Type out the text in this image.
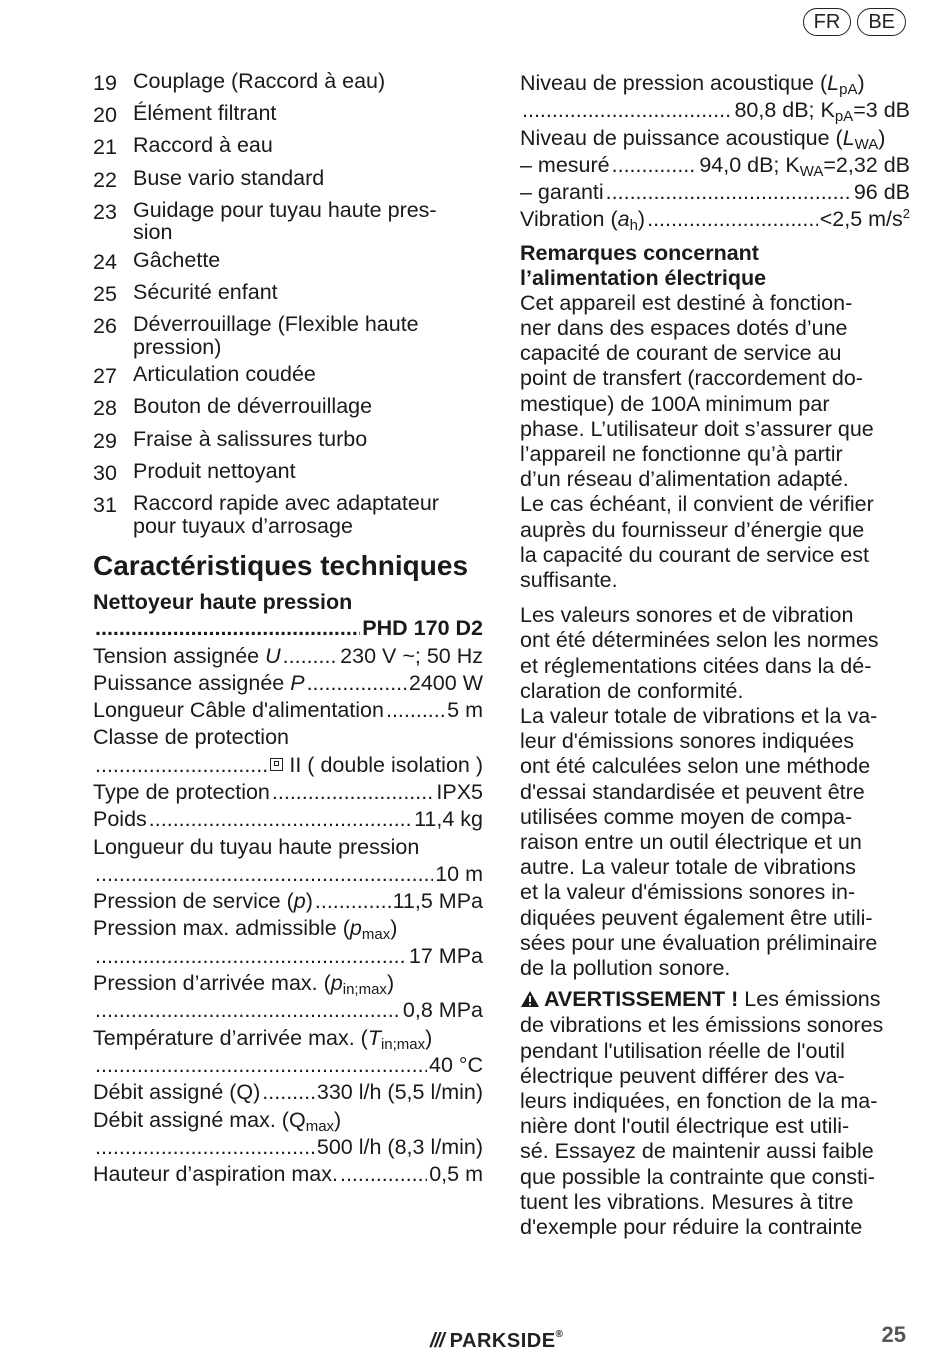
FR	BE
19 Couplage (Raccord à eau)
20 Élément filtrant
21 Raccord à eau
22 Buse vario standard
23 Guidage pour tuyau haute pres-
sion
24 Gâchette
25 Sécurité enfant
26 Déverrouillage (Flexible haute
pression)
27 Articulation coudée
28 Bouton de déverrouillage
29 Fraise à salissures turbo
30 Produit nettoyant
31 Raccord rapide avec adaptateur
pour tuyaux d’arrosage
Caractéristiques techniques
Nettoyeur haute pression
.....
PHD 170 D2
Tension assignée U .....	230 V ~; 50 Hz
Puissance assignée P .....	2400 W
Longueur Câble d'alimentation .....	5 m
Classe de protection
.....
II ( double isolation )
Type de protection .....	IPX5
Poids .....	11,4 kg
Longueur du tuyau haute pression
.....
10 m
Pression de service (p) .....	11,5 MPa
Pression max. admissible $(p_{max})$
.....
17 MPa
Pression d’arrivée max. $(p_{in;max})$
.....
0,8 MPa
Température d’arrivée max. $(T_{in;max})$
.....
40 °C
Débit assigné (Q) .....	330 l/h (5,5 l/min)
Débit assigné max. $(Q_{max})$
.....
500 l/h (8,3 l/min)
Hauteur d’aspiration max. .....	0,5 m
Niveau de pression acoustique $(L_{pA})$
.....
80,8 dB; $K_{pA}=3$ dB
Niveau de puissance acoustique $(L_{WA})$
– mesuré .....	94,0 dB; $K_{WA}=2,32$ dB
– garanti .....	96 dB
Vibration $(a_h)$ .....	<2,5 $m/s^2$
Remarques concernant
l’alimentation électrique

Cet appareil est destiné à fonction-

ner dans des espaces dotés d’une

capacité de courant de service au

point de transfert (raccordement do-

mestique) de 100A minimum par

phase. L’utilisateur doit s’assurer que

l’appareil ne fonctionne qu’à partir

d’un réseau d’alimentation adapté.

Le cas échéant, il convient de vérifier

auprès du fournisseur d’énergie que

la capacité du courant de service est

suffisante.

Les valeurs sonores et de vibration

ont été déterminées selon les normes

et réglementations citées dans la dé-

claration de conformité.

La valeur totale de vibrations et la va-

leur d'émissions sonores indiquées

ont été calculées selon une méthode

d'essai standardisée et peuvent être

utilisées comme moyen de compa-

raison entre un outil électrique et un

autre. La valeur totale de vibrations

et la valeur d'émissions sonores in-

diquées peuvent également être utili-

sées pour une évaluation préliminaire

de la pollution sonore.

AVERTISSEMENT ! Les émissions

de vibrations et les émissions sonores

pendant l'utilisation réelle de l'outil

électrique peuvent différer des va-

leurs indiquées, en fonction de la ma-

nière dont l'outil électrique est utili-

sé. Essayez de maintenir aussi faible

que possible la contrainte que consti-

tuent les vibrations. Mesures à titre

d'exemple pour réduire la contrainte

/// PARKSIDE®	25
